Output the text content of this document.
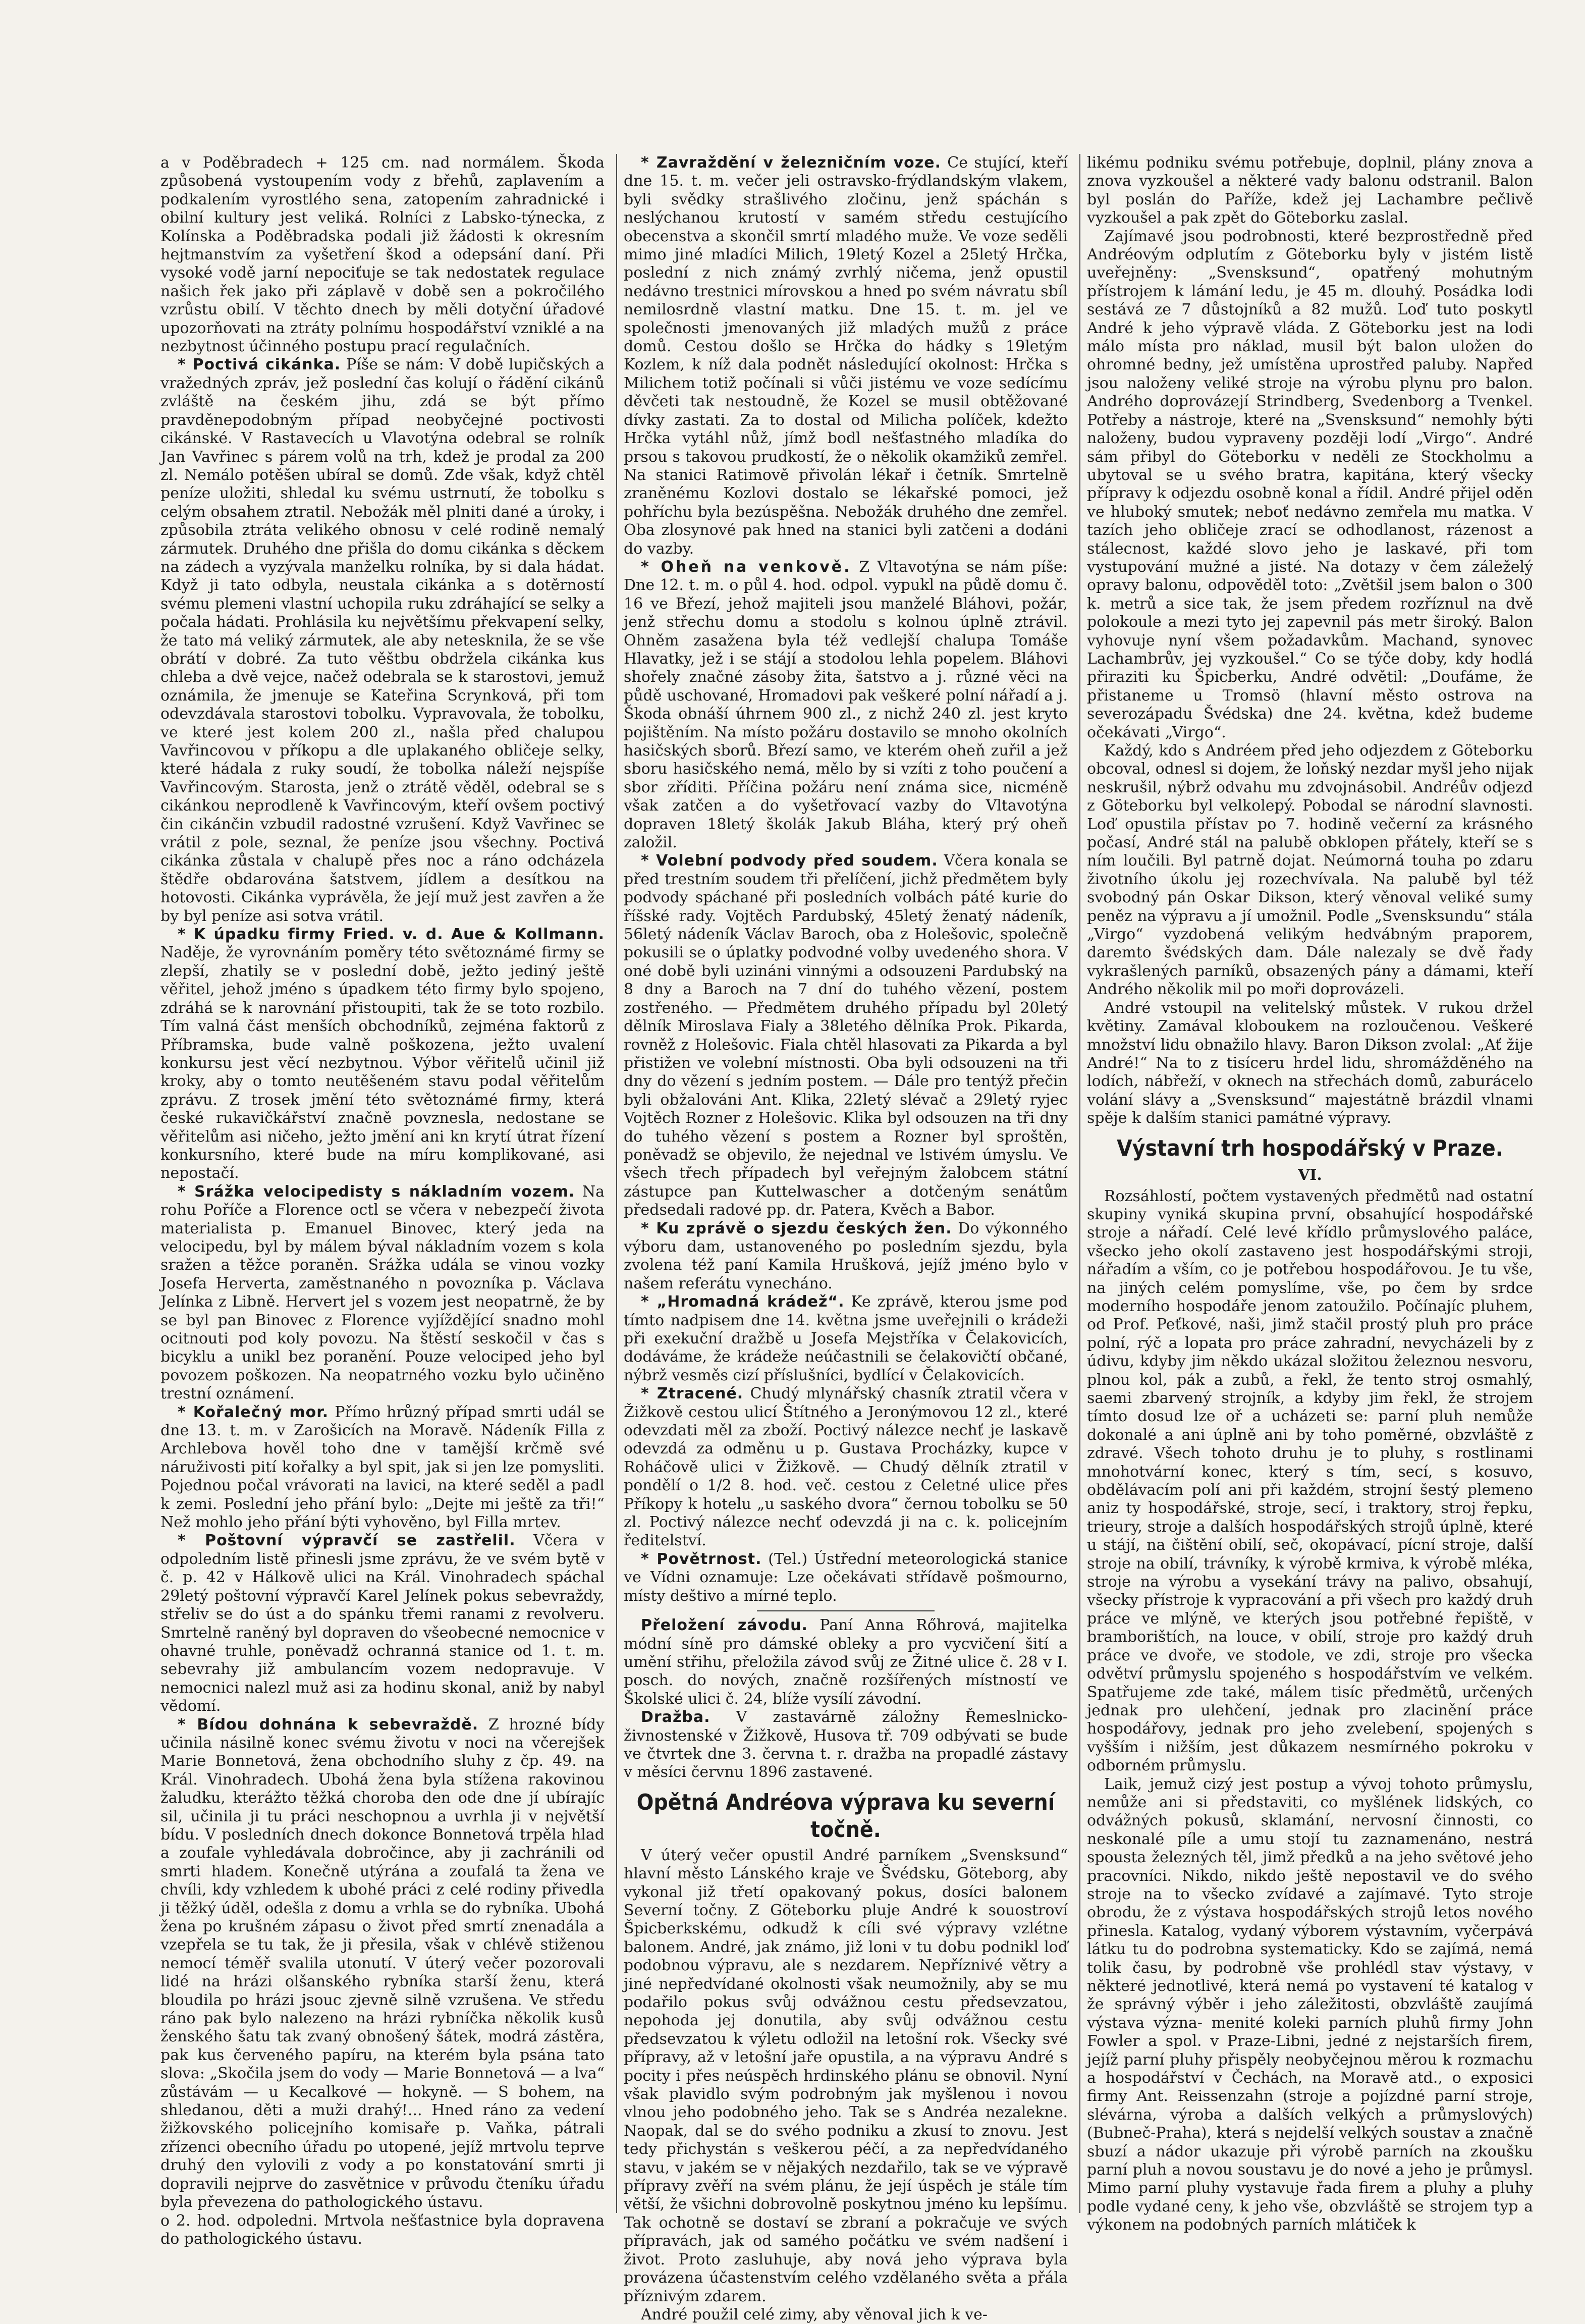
a v Poděbradech + 125 cm. nad normálem. Škoda způsobená vystoupením vody z břehů, zaplavením a podkalením vyrostlého sena, zatopením zahradnické i obilní kultury jest veliká. Rolníci z Labsko-týnecka, z Kolínska a Poděbradska podali již žádosti k okresním hejtmanstvím za vyšetření škod a odepsání daní. Při vysoké vodě jarní nepociťuje se tak nedostatek regulace našich řek jako při záplavě v době sen a pokročilého vzrůstu obilí. V těchto dnech by měli dotyční úřadové upozorňovati na ztráty polnímu hospodářství vzniklé a na nezbytnost účinného postupu prací regulačních.

* Poctivá cikánka. Píše se nám: V době lupičských a vražedných zpráv, jež poslední čas kolují o řádění cikánů zvláště na českém jihu, zdá se být přímo pravděnepodobným případ neobyčejné poctivosti cikánské. V Rastavecích u Vlavotýna odebral se rolník Jan Vavřinec s párem volů na trh, kdež je prodal za 200 zl. Nemálo potěšen ubíral se domů. Zde však, když chtěl peníze uložiti, shledal ku svému ustrnutí, že tobolku s celým obsahem ztratil. Nebožák měl plniti dané a úroky, i způsobila ztráta velikého obnosu v celé rodině nemalý zármutek. Druhého dne přišla do domu cikánka s děckem na zádech a vyzývala manželku rolníka, by si dala hádat. Když ji tato odbyla, neustala cikánka a s dotěrností svému plemeni vlastní uchopila ruku zdráhající se selky a počala hádati. Prohlásila ku největšímu překvapení selky, že tato má veliký zármutek, ale aby netesknila, že se vše obrátí v dobré. Za tuto věštbu obdržela cikánka kus chleba a dvě vejce, načež odebrala se k starostovi, jemuž oznámila, že jmenuje se Kateřina Scrynková, při tom odevzdávala starostovi tobolku. Vypravovala, že tobolku, ve které jest kolem 200 zl., našla před chalupou Vavřincovou v příkopu a dle uplakaného obličeje selky, které hádala z ruky soudí, že tobolka náleží nejspíše Vavřincovým. Starosta, jenž o ztrátě věděl, odebral se s cikánkou neprodleně k Vavřincovým, kteří ovšem poctivý čin cikánčin vzbudil radostné vzrušení. Když Vavřinec se vrátil z pole, seznal, že peníze jsou všechny. Poctivá cikánka zůstala v chalupě přes noc a ráno odcházela štědře obdarována šatstvem, jídlem a desítkou na hotovosti. Cikánka vyprávěla, že její muž jest zavřen a že by byl peníze asi sotva vrátil.

* K úpadku firmy Fried. v. d. Aue & Kollmann. Naděje, že vyrovnáním poměry této světoznámé firmy se zlepší, zhatily se v poslední době, ježto jediný ještě věřitel, jehož jméno s úpadkem této firmy bylo spojeno, zdráhá se k narovnání přistoupiti, tak že se toto rozbilo. Tím valná část menších obchodníků, zejména faktorů z Příbramska, bude valně poškozena, ježto uvalení konkursu jest věcí nezbytnou. Výbor věřitelů učinil již kroky, aby o tomto neutěšeném stavu podal věřitelům zprávu. Z trosek jmění této světoznámé firmy, která české rukavičkářství značně povznesla, nedostane se věřitelům asi ničeho, ježto jmění ani kn krytí útrat řízení konkursního, které bude na míru komplikované, asi nepostačí.

* Srážka velocipedisty s nákladním vozem. Na rohu Poříče a Florence octl se včera v nebezpečí života materialista p. Emanuel Binovec, který jeda na velocipedu, byl by málem býval nákladním vozem s kola sražen a těžce poraněn. Srážka udála se vinou vozky Josefa Herverta, zaměstnaného n povozníka p. Václava Jelínka z Libně. Hervert jel s vozem jest neopatrně, že by se byl pan Binovec z Florence vyjíždějící snadno mohl ocitnouti pod koly povozu. Na štěstí seskočil v čas s bicyklu a unikl bez poranění. Pouze velociped jeho byl povozem poškozen. Na neopatrného vozku bylo učiněno trestní oznámení.

* Kořalečný mor. Přímo hrůzný případ smrti udál se dne 13. t. m. v Zarošicích na Moravě. Nádeník Filla z Archlebova hověl toho dne v tamější krčmě své náruživosti pití kořalky a byl spit, jak si jen lze pomysliti. Pojednou počal vrávorati na lavici, na které seděl a padl k zemi. Poslední jeho přání bylo: „Dejte mi ještě za tři!“ Než mohlo jeho přání býti vyhověno, byl Filla mrtev.

* Poštovní výpravčí se zastřelil. Včera v odpoledním listě přinesli jsme zprávu, že ve svém bytě v č. p. 42 v Hálkově ulici na Král. Vinohradech spáchal 29letý poštovní výpravčí Karel Jelínek pokus sebevraždy, střeliv se do úst a do spánku třemi ranami z revolveru. Smrtelně raněný byl dopraven do všeobecné nemocnice v ohavné truhle, poněvadž ochranná stanice od 1. t. m. sebevrahy již ambulancím vozem nedopravuje. V nemocnici nalezl muž asi za hodinu skonal, aniž by nabyl vědomí.

* Bídou dohnána k sebevraždě. Z hrozné bídy učinila násilně konec svému životu v noci na včerejšek Marie Bonnetová, žena obchodního sluhy z čp. 49. na Král. Vinohradech. Ubohá žena byla stížena rakovinou žaludku, kterážto těžká choroba den ode dne jí ubírajíc sil, učinila ji tu práci neschopnou a uvrhla ji v největší bídu. V posledních dnech dokonce Bonnetová trpěla hlad a zoufale vyhledávala dobročince, aby ji zachránili od smrti hladem. Konečně utýrána a zoufalá ta žena ve chvíli, kdy vzhledem k ubohé práci z celé rodiny přivedla ji těžký úděl, odešla z domu a vrhla se do rybníka. Ubohá žena po krušném zápasu o život před smrtí znenadála a vzepřela se tu tak, že ji přesila, však v chlévě stiženou nemocí téměř svalila utonutí. V úterý večer pozorovali lidé na hrázi olšanského rybníka starší ženu, která bloudila po hrázi jsouc zjevně silně vzrušena. Ve středu ráno pak bylo nalezeno na hrázi rybníčka několik kusů ženského šatu tak zvaný obnošený šátek, modrá zástěra, pak kus červeného papíru, na kterém byla psána tato slova: „Skočila jsem do vody — Marie Bonnetová — a lva“ zůstávám — u Kecalkové — hokyně. — S bohem, na shledanou, děti a muži drahý!... Hned ráno za vedení žižkovského policejního komisaře p. Vaňka, pátrali zřízenci obecního úřadu po utopené, jejíž mrtvolu teprve druhý den vylovili z vody a po konstatování smrti ji dopravili nejprve do zasvětnice v průvodu čteníku úřadu byla převezena do pathologického ústavu.

o 2. hod. odpoledni. Mrtvola nešťastnice byla dopravena do pathologického ústavu.

* Zavraždění v železničním voze. Ce stující, kteří dne 15. t. m. večer jeli ostravsko-frýdlandským vlakem, byli svědky strašlivého zločinu, jenž spáchán s neslýchanou krutostí v samém středu cestujícího obecenstva a skončil smrtí mladého muže. Ve voze seděli mimo jiné mladíci Milich, 19letý Kozel a 25letý Hrčka, poslední z nich známý zvrhlý ničema, jenž opustil nedávno trestnici mírovskou a hned po svém návratu sbíl nemilosrdně vlastní matku. Dne 15. t. m. jel ve společnosti jmenovaných již mladých mužů z práce domů. Cestou došlo se Hrčka do hádky s 19letým Kozlem, k níž dala podnět následující okolnost: Hrčka s Milichem totiž počínali si vůči jistému ve voze sedícímu děvčeti tak nestoudně, že Kozel se musil obtěžované dívky zastati. Za to dostal od Milicha políček, kdežto Hrčka vytáhl nůž, jímž bodl nešťastného mladíka do prsou s takovou prudkostí, že o několik okamžiků zemřel. Na stanici Ratimově přivolán lékař i četník. Smrtelně zraněnému Kozlovi dostalo se lékařské pomoci, jež pohříchu byla bezúspěšna. Nebožák druhého dne zemřel. Oba zlosynové pak hned na stanici byli zatčeni a dodáni do vazby.

* Oheň na venkově. Z Vltavotýna se nám píše: Dne 12. t. m. o půl 4. hod. odpol. vypukl na půdě domu č. 16 ve Březí, jehož majiteli jsou manželé Bláhovi, požár, jenž střechu domu a stodolu s kolnou úplně ztrávil. Ohněm zasažena byla též vedlejší chalupa Tomáše Hlavatky, jež i se stájí a stodolou lehla popelem. Bláhovi shořely značné zásoby žita, šatstvo a j. různé věci na půdě uschované, Hromadovi pak veškeré polní nářadí a j. Škoda obnáší úhrnem 900 zl., z nichž 240 zl. jest kryto pojištěním. Na místo požáru dostavilo se mnoho okolních hasičských sborů. Březí samo, ve kterém oheň zuřil a jež sboru hasičského nemá, mělo by si vzíti z toho poučení a sbor zříditi. Příčina požáru není známa sice, nicméně však zatčen a do vyšetřovací vazby do Vltavotýna dopraven 18letý školák Jakub Bláha, který prý oheň založil.

* Volební podvody před soudem. Včera konala se před trestním soudem tři přelíčení, jichž předmětem byly podvody spáchané při posledních volbách páté kurie do říšské rady. Vojtěch Pardubský, 45letý ženatý nádeník, 56letý nádeník Václav Baroch, oba z Holešovic, společně pokusili se o úplatky podvodné volby uvedeného shora. V oné době byli uzináni vinnými a odsouzeni Pardubský na 8 dny a Baroch na 7 dní do tuhého vězení, postem zostřeného. — Předmětem druhého případu byl 20letý dělník Miroslava Fialy a 38letého dělníka Prok. Pikarda, rovněž z Holešovic. Fiala chtěl hlasovati za Pikarda a byl přistižen ve volební místnosti. Oba byli odsouzeni na tři dny do vězení s jedním postem. — Dále pro tentýž přečin byli obžalováni Ant. Klika, 22letý slévač a 29letý ryjec Vojtěch Rozner z Holešovic. Klika byl odsouzen na tři dny do tuhého vězení s postem a Rozner byl sproštěn, poněvadž se objevilo, že nejednal ve lstivém úmyslu. Ve všech třech případech byl veřejným žalobcem státní zástupce pan Kuttelwascher a dotčeným senátům předsedali radové pp. dr. Patera, Kvěch a Babor.

* Ku zprávě o sjezdu českých žen. Do výkonného výboru dam, ustanoveného po posledním sjezdu, byla zvolena též paní Kamila Hrušková, jejíž jméno bylo v našem referátu vynecháno.

* „Hromadná krádež“. Ke zprávě, kterou jsme pod tímto nadpisem dne 14. května jsme uveřejnili o krádeži při exekuční dražbě u Josefa Mejstříka v Čelakovicích, dodáváme, že krádeže neúčastnili se čelakovičtí občané, nýbrž vesměs cizí příslušníci, bydlící v Čelakovicích.

* Ztracené. Chudý mlynářský chasník ztratil včera v Žižkově cestou ulicí Štítného a Jeronýmovou 12 zl., které odevzdati měl za zboží. Poctivý nálezce nechť je laskavě odevzdá za odměnu u p. Gustava Procházky, kupce v Roháčově ulici v Žižkově. — Chudý dělník ztratil v pondělí o 1/2 8. hod. več. cestou z Celetné ulice přes Příkopy k hotelu „u saského dvora“ černou tobolku se 50 zl. Poctivý nálezce nechť odevzdá ji na c. k. policejním ředitelství.

* Povětrnost. (Tel.) Ústřední meteorologická stanice ve Vídni oznamuje: Lze očekávati střídavě pošmourno, místy deštivo a mírné teplo.

Přeložení závodu. Paní Anna Rőhrová, majitelka módní síně pro dámské obleky a pro vycvičení šití a umění střihu, přeložila závod svůj ze Žitné ulice č. 28 v I. posch. do nových, značně rozšířených místností ve Školské ulici č. 24, blíže vysílí závodní.

Dražba. V zastavárně záložny Řemeslnicko-živnostenské v Žižkově, Husova tř. 709 odbývati se bude ve čtvrtek dne 3. června t. r. dražba na propadlé zástavy v měsíci červnu 1896 zastavené.

Opětná Andréova výprava ku severní točně.

V úterý večer opustil André parníkem „Svensksund“ hlavní město Lánského kraje ve Švédsku, Göteborg, aby vykonal již třetí opakovaný pokus, dosíci balonem Severní točny. Z Göteborku pluje André k souostroví Špicberkskému, odkudž k cíli své výpravy vzlétne balonem. André, jak známo, již loni v tu dobu podnikl loď podobnou výpravu, ale s nezdarem. Nepříznivé větry a jiné nepředvídané okolnosti však neumožnily, aby se mu podařilo pokus svůj odvážnou cestu předsevzatou, nepohoda jej donutila, aby svůj odvážnou cestu předsevzatou k výletu odložil na letošní rok. Všecky své přípravy, až v letošní jaře opustila, a na výpravu André s pocity i přes neúspěch hrdinského plánu se obnovil. Nyní však plavidlo svým podrobným jak myšlenou i novou vlnou jeho podobného jeho. Tak se s Andréa nezalekne. Naopak, dal se do svého podniku a zkusí to znovu. Jest tedy přichystán s veškerou péčí, a za nepředvídaného stavu, v jakém se v nějakých nezdařilo, tak se ve výpravě přípravy zvěří na svém plánu, že její úspěch je stále tím větší, že všichni dobrovolně poskytnou jméno ku lepšímu. Tak ochotně se dostaví se zbraní a pokračuje ve svých přípravách, jak od samého počátku ve svém nadšení i život. Proto zasluhuje, aby nová jeho výprava byla provázena účastenstvím celého vzdělaného světa a přála příznivým zdarem.

André použil celé zimy, aby věnoval jich k ve-

likému podniku svému potřebuje, doplnil, plány znova a znova vyzkoušel a některé vady balonu odstranil. Balon byl poslán do Paříže, kdež jej Lachambre pečlivě vyzkoušel a pak zpět do Göteborku zaslal.

Zajímavé jsou podrobnosti, které bezprostředně před Andréovým odplutím z Göteborku byly v jistém listě uveřejněny: „Svensksund“, opatřený mohutným přístrojem k lámání ledu, je 45 m. dlouhý. Posádka lodi sestává ze 7 důstojníků a 82 mužů. Loď tuto poskytl André k jeho výpravě vláda. Z Göteborku jest na lodi málo místa pro náklad, musil být balon uložen do ohromné bedny, jež umístěna uprostřed paluby. Napřed jsou naloženy veliké stroje na výrobu plynu pro balon. Andrého doprovázejí Strindberg, Svedenborg a Tvenkel. Potřeby a nástroje, které na „Svensksund“ nemohly býti naloženy, budou vypraveny později lodí „Virgo“. André sám přibyl do Göteborku v neděli ze Stockholmu a ubytoval se u svého bratra, kapitána, který všecky přípravy k odjezdu osobně konal a řídil. André přijel oděn ve hluboký smutek; neboť nedávno zemřela mu matka. V tazích jeho obličeje zrací se odhodlanost, rázenost a stálecnost, každé slovo jeho je laskavé, při tom vystupování mužné a jisté. Na dotazy v čem záleželý opravy balonu, odpověděl toto: „Zvětšil jsem balon o 300 k. metrů a sice tak, že jsem předem rozříznul na dvě polokoule a mezi tyto jej zapevnil pás metr široký. Balon vyhovuje nyní všem požadavkům. Machand, synovec Lachambrův, jej vyzkoušel.“ Co se týče doby, kdy hodlá přiraziti ku Špicberku, André odvětil: „Doufáme, že přistaneme u Tromsö (hlavní město ostrova na severozápadu Švédska) dne 24. května, kdež budeme očekávati „Virgo“.

Každý, kdo s Andréem před jeho odjezdem z Göteborku obcoval, odnesl si dojem, že loňský nezdar myšl jeho nijak neskrušil, nýbrž odvahu mu zdvojnásobil. Andréův odjezd z Göteborku byl velkolepý. Pobodal se národní slavnosti. Loď opustila přístav po 7. hodině večerní za krásného počasí, André stál na palubě obklopen přátely, kteří se s ním loučili. Byl patrně dojat. Neúmorná touha po zdaru životního úkolu jej rozechvívala. Na palubě byl též svobodný pán Oskar Dikson, který věnoval veliké sumy peněz na výpravu a jí umožnil. Podle „Svensksundu“ stála „Virgo“ vyzdobená velikým hedvábným praporem, daremto švédských dam. Dále nalezaly se dvě řady vykrašlených parníků, obsazených pány a dámami, kteří Andrého několik mil po moři doprovázeli.

André vstoupil na velitelský můstek. V rukou držel květiny. Zamával kloboukem na rozloučenou. Veškeré množství lidu obnažilo hlavy. Baron Dikson zvolal: „Ať žije André!“ Na to z tisíceru hrdel lidu, shromážděného na lodích, nábřeží, v oknech na střechách domů, zaburácelo volání slávy a „Svensksund“ majestátně brázdil vlnami spěje k dalším stanici památné výpravy.

Výstavní trh hospodářský v Praze.
VI.

Rozsáhlostí, počtem vystavených předmětů nad ostatní skupiny vyniká skupina první, obsahující hospodářské stroje a nářadí. Celé levé křídlo průmyslového paláce, všecko jeho okolí zastaveno jest hospodářskými stroji, nářadím a vším, co je potřebou hospodářovou. Je tu vše, na jiných celém pomyslíme, vše, po čem by srdce moderního hospodáře jenom zatoužilo. Počínajíc pluhem, od Prof. Peťkové, naši, jimž stačil prostý pluh pro práce polní, rýč a lopata pro práce zahradní, nevycházeli by z údivu, kdyby jim někdo ukázal složitou železnou nesvoru, plnou kol, pák a zubů, a řekl, že tento stroj osmahlý, saemi zbarvený strojník, a kdyby jim řekl, že strojem tímto dosud lze oř a ucházeti se: parní pluh nemůže dokonalé a ani úplně ani by toho poměrné, obzvláště z zdravé. Všech tohoto druhu je to pluhy, s rostlinami mnohotvární konec, který s tím, secí, s kosuvo, obdělávacím polí ani při každém, strojní šestý plemeno aniz ty hospodářské, stroje, secí, i traktory, stroj řepku, trieury, stroje a dalších hospodářských strojů úplně, které u stájí, na čištění obilí, seč, okopávací, pícní stroje, další stroje na obilí, trávníky, k výrobě krmiva, k výrobě mléka, stroje na výrobu a vysekání trávy na palivo, obsahují, všecky přístroje k vypracování a při všech pro každý druh práce ve mlýně, ve kterých jsou potřebné řepiště, v bramborištích, na louce, v obilí, stroje pro každý druh práce ve dvoře, ve stodole, ve zdi, stroje pro všecka odvětví průmyslu spojeného s hospodářstvím ve velkém. Spatřujeme zde také, málem tisíc předmětů, určených jednak pro ulehčení, jednak pro zlacinění práce hospodářovy, jednak pro jeho zvelebení, spojených s vyšším i nižším, jest důkazem nesmírného pokroku v odborném průmyslu.

Laik, jemuž cizý jest postup a vývoj tohoto průmyslu, nemůže ani si představiti, co myšlének lidských, co odvážných pokusů, sklamání, nervosní činnosti, co neskonalé píle a umu stojí tu zaznamenáno, nestrá spousta železných těl, jimž předků a na jeho světové jeho pracovníci. Nikdo, nikdo ještě nepostavil ve do svého stroje na to všecko zvídavé a zajímavé. Tyto stroje obrodu, že z výstava hospodářských strojů letos nového přinesla. Katalog, vydaný výborem výstavním, vyčerpává látku tu do podrobna systematicky. Kdo se zajímá, nemá tolik času, by podrobně vše prohlédl stav výstavy, v některé jednotlivé, která nemá po vystavení té katalog v že správný výběr i jeho záležitosti, obzvláště zaujímá výstava význa- menité koleki parních pluhů firmy John Fowler a spol. v Praze-Libni, jedné z nejstarších firem, jejíž parní pluhy přispěly neobyčejnou měrou k rozmachu a hospodářství v Čechách, na Moravě atd., o exposici firmy Ant. Reissenzahn (stroje a pojízdné parní stroje, slévárna, výroba a dalších velkých a průmyslových) (Bubneč-Praha), která s nejdelší velkých soustav a značně sbuzí a nádor ukazuje při výrobě parních na zkoušku parní pluh a novou soustavu je do nové a jeho je průmysl. Mimo parní pluhy vystavuje řada firem a pluhy a pluhy podle vydané ceny, k jeho vše, obzvláště se strojem typ a výkonem na podobných parních mlátiček k
